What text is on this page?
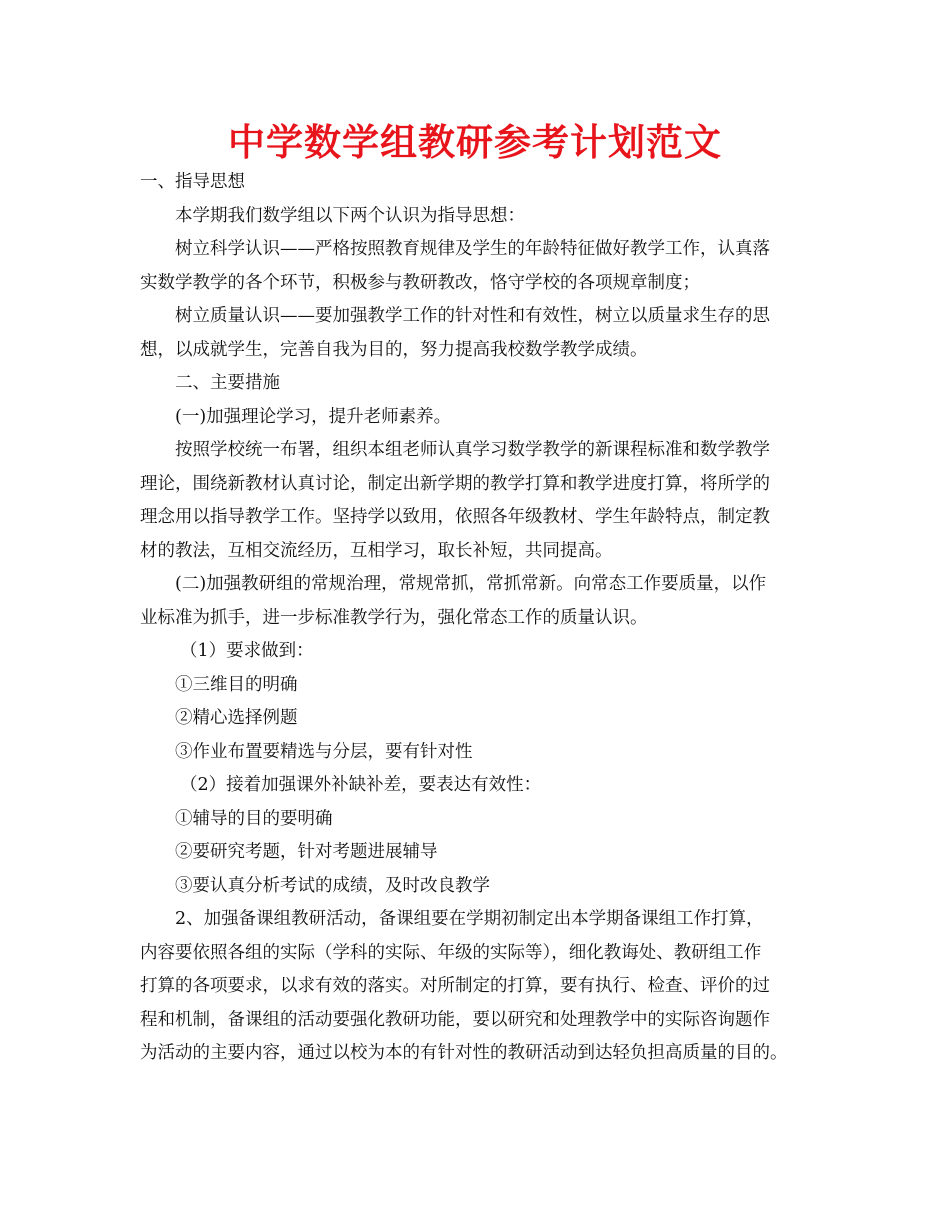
中学数学组教研参考计划范文
一、指导思想
本学期我们数学组以下两个认识为指导思想：
树立科学认识——严格按照教育规律及学生的年龄特征做好教学工作，认真落
实数学教学的各个环节，积极参与教研教改，恪守学校的各项规章制度；
树立质量认识——要加强教学工作的针对性和有效性，树立以质量求生存的思
想，以成就学生，完善自我为目的，努力提高我校数学教学成绩。
二、主要措施
(一)加强理论学习，提升老师素养。
按照学校统一布署，组织本组老师认真学习数学教学的新课程标准和数学教学
理论，围绕新教材认真讨论，制定出新学期的教学打算和教学进度打算，将所学的
理念用以指导教学工作。坚持学以致用，依照各年级教材、学生年龄特点，制定教
材的教法，互相交流经历，互相学习，取长补短，共同提高。
(二)加强教研组的常规治理，常规常抓，常抓常新。向常态工作要质量，以作
业标准为抓手，进一步标准教学行为，强化常态工作的质量认识。
（1）要求做到：
①三维目的明确
②精心选择例题
③作业布置要精选与分层，要有针对性
（2）接着加强课外补缺补差，要表达有效性：
①辅导的目的要明确
②要研究考题，针对考题进展辅导
③要认真分析考试的成绩，及时改良教学
2、加强备课组教研活动，备课组要在学期初制定出本学期备课组工作打算，
内容要依照各组的实际（学科的实际、年级的实际等），细化教诲处、教研组工作
打算的各项要求，以求有效的落实。对所制定的打算，要有执行、检查、评价的过
程和机制，备课组的活动要强化教研功能，要以研究和处理教学中的实际咨询题作
为活动的主要内容，通过以校为本的有针对性的教研活动到达轻负担高质量的目的。
